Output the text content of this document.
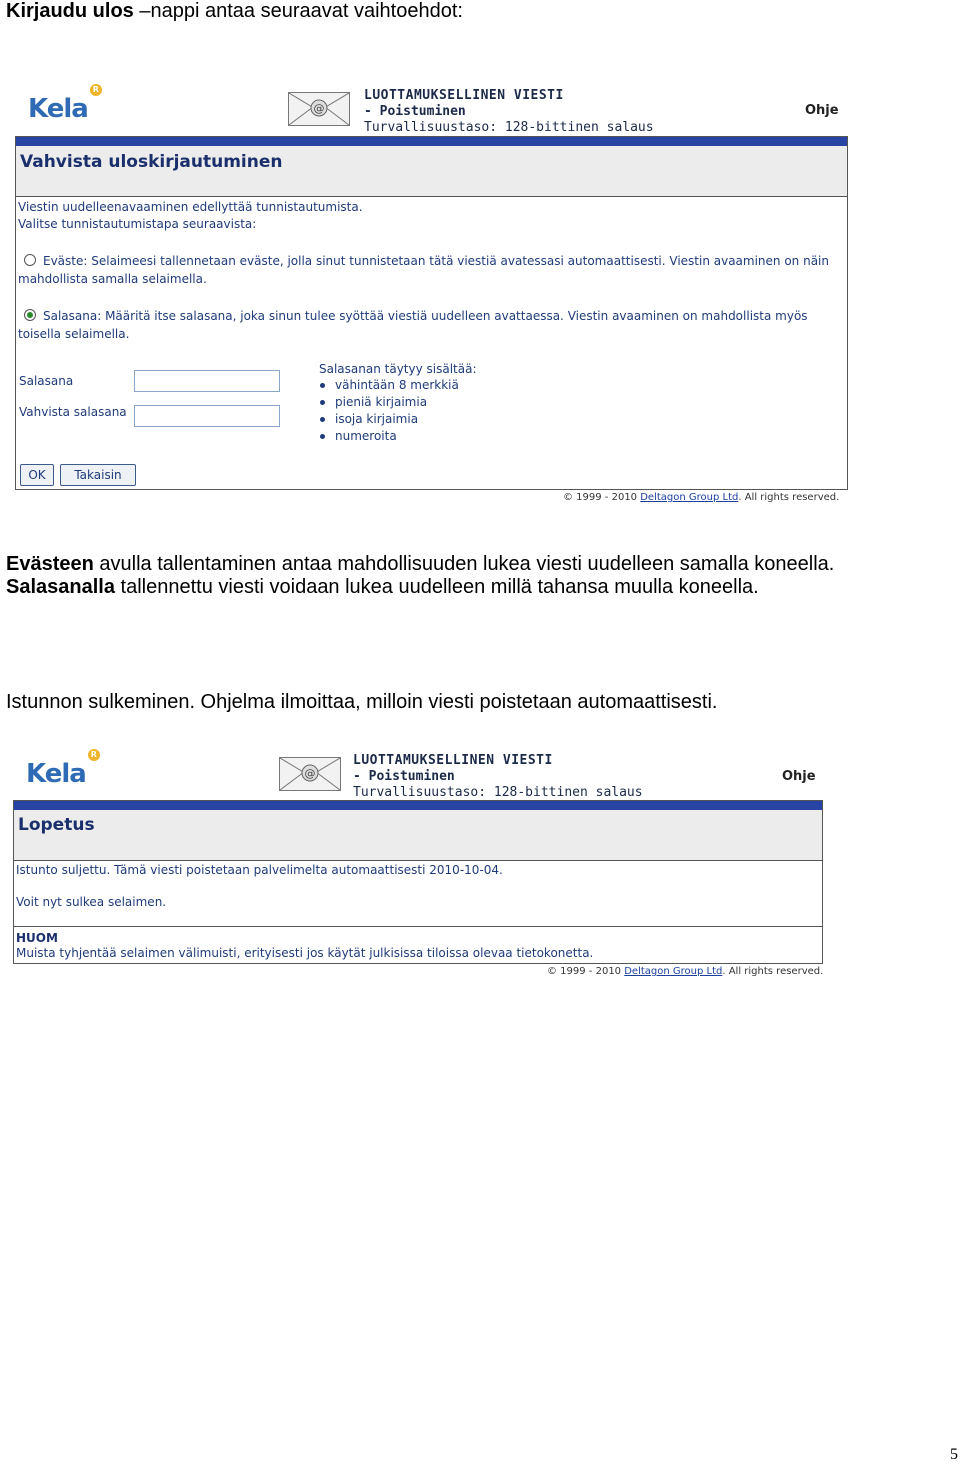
Kirjaudu ulos –nappi antaa seuraavat vaihtoehdot:
Kela
R
@
LUOTTAMUKSELLINEN VIESTI
- Poistuminen
Turvallisuustaso: 128-bittinen salaus
Ohje
Vahvista uloskirjautuminen
Viestin uudelleenavaaminen edellyttää tunnistautumista.
Valitse tunnistautumistapa seuraavista:
Eväste: Selaimeesi tallennetaan eväste, jolla sinut tunnistetaan tätä viestiä avatessasi automaattisesti. Viestin avaaminen on näin
mahdollista samalla selaimella.
Salasana: Määritä itse salasana, joka sinun tulee syöttää viestiä uudelleen avattaessa. Viestin avaaminen on mahdollista myös
toisella selaimella.
Salasana
Vahvista salasana
Salasanan täytyy sisältää:
vähintään 8 merkkiä
pieniä kirjaimia
isoja kirjaimia
numeroita
OK	Takaisin
© 1999 - 2010 Deltagon Group Ltd. All rights reserved.
Evästeen avulla tallentaminen antaa mahdollisuuden lukea viesti uudelleen samalla koneella.
Salasanalla tallennettu viesti voidaan lukea uudelleen millä tahansa muulla koneella.
Istunnon sulkeminen. Ohjelma ilmoittaa, milloin viesti poistetaan automaattisesti.
Kela
R
@
LUOTTAMUKSELLINEN VIESTI
- Poistuminen
Turvallisuustaso: 128-bittinen salaus
Ohje
Lopetus
Istunto suljettu. Tämä viesti poistetaan palvelimelta automaattisesti 2010-10-04.
Voit nyt sulkea selaimen.
HUOM
Muista tyhjentää selaimen välimuisti, erityisesti jos käytät julkisissa tiloissa olevaa tietokonetta.
© 1999 - 2010 Deltagon Group Ltd. All rights reserved.
5
